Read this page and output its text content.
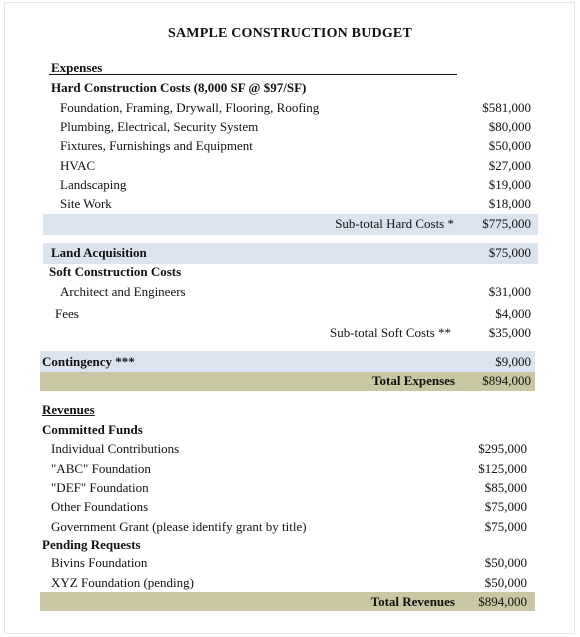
SAMPLE CONSTRUCTION BUDGET
Expenses
Hard Construction Costs (8,000 SF @ $97/SF)
Foundation, Framing, Drywall, Flooring, Roofing	$581,000
Plumbing, Electrical, Security System	$80,000
Fixtures, Furnishings and Equipment	$50,000
HVAC	$27,000
Landscaping	$19,000
Site Work	$18,000
Sub-total Hard Costs * $775,000
Land Acquisition	$75,000
Soft Construction Costs
Architect and Engineers	$31,000
Fees	$4,000
Sub-total Soft Costs **	$35,000
Contingency ***	$9,000
Total Expenses $894,000
Revenues
Committed Funds
Individual Contributions	$295,000
"ABC" Foundation	$125,000
"DEF" Foundation	$85,000
Other Foundations	$75,000
Government Grant (please identify grant by title)	$75,000
Pending Requests
Bivins Foundation	$50,000
XYZ Foundation (pending)	$50,000
Total Revenues $894,000
